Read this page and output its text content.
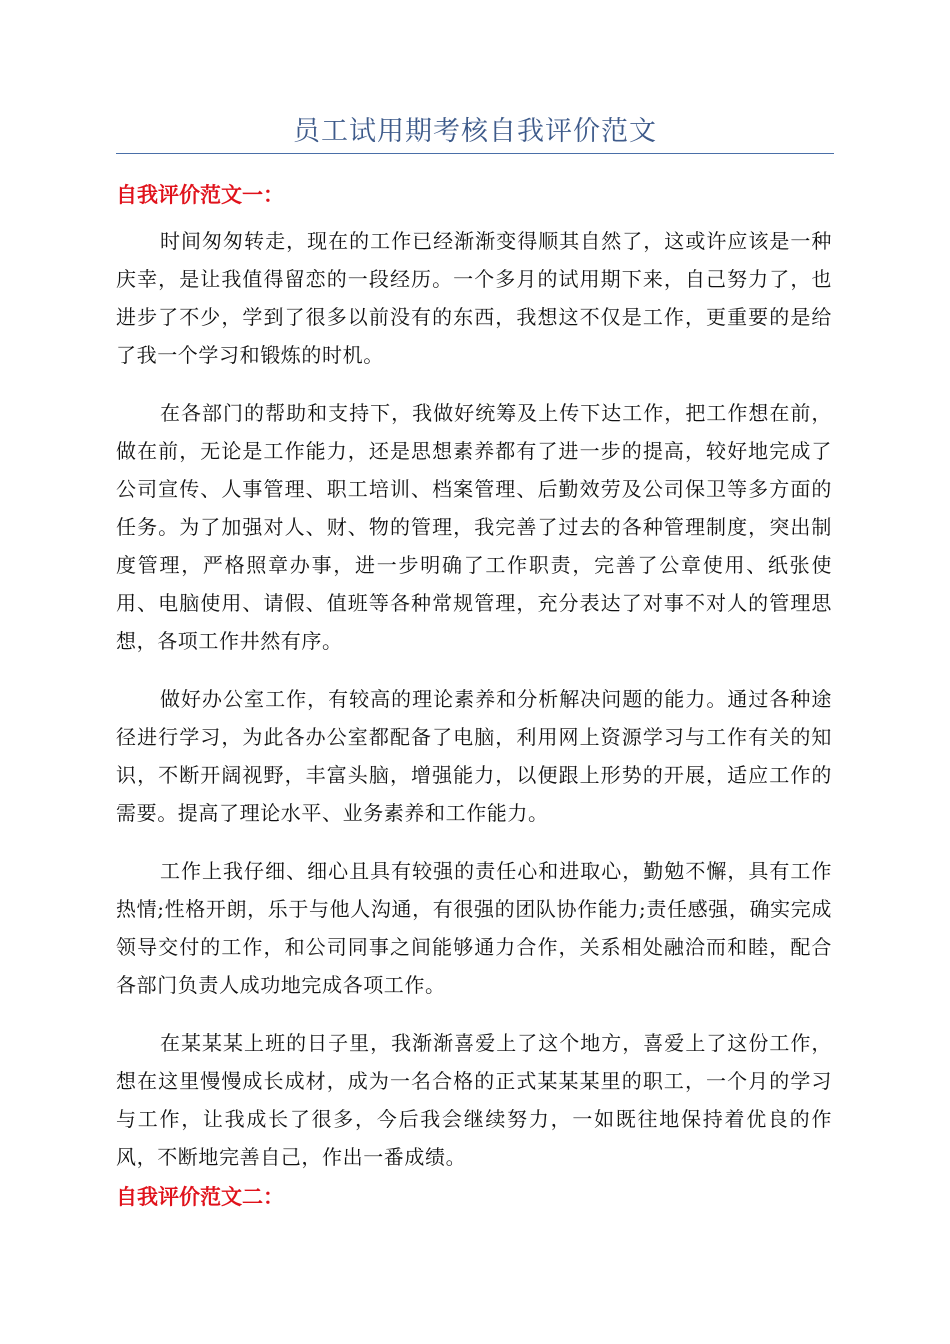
员工试用期考核自我评价范文
自我评价范文一：

时间匆匆转走，现在的工作已经渐渐变得顺其自然了，这或许应该是一种庆幸，是让我值得留恋的一段经历。一个多月的试用期下来，自己努力了，也进步了不少，学到了很多以前没有的东西，我想这不仅是工作，更重要的是给了我一个学习和锻炼的时机。

在各部门的帮助和支持下，我做好统筹及上传下达工作，把工作想在前，做在前，无论是工作能力，还是思想素养都有了进一步的提高，较好地完成了公司宣传、人事管理、职工培训、档案管理、后勤效劳及公司保卫等多方面的任务。为了加强对人、财、物的管理，我完善了过去的各种管理制度，突出制度管理，严格照章办事，进一步明确了工作职责，完善了公章使用、纸张使用、电脑使用、请假、值班等各种常规管理，充分表达了对事不对人的管理思想，各项工作井然有序。

做好办公室工作，有较高的理论素养和分析解决问题的能力。通过各种途径进行学习，为此各办公室都配备了电脑，利用网上资源学习与工作有关的知识，不断开阔视野，丰富头脑，增强能力，以便跟上形势的开展，适应工作的需要。提高了理论水平、业务素养和工作能力。

工作上我仔细、细心且具有较强的责任心和进取心，勤勉不懈，具有工作热情;性格开朗，乐于与他人沟通，有很强的团队协作能力;责任感强，确实完成领导交付的工作，和公司同事之间能够通力合作，关系相处融洽而和睦，配合各部门负责人成功地完成各项工作。

在某某某上班的日子里，我渐渐喜爱上了这个地方，喜爱上了这份工作，想在这里慢慢成长成材，成为一名合格的正式某某某里的职工，一个月的学习与工作，让我成长了很多，今后我会继续努力，一如既往地保持着优良的作风，不断地完善自己，作出一番成绩。

自我评价范文二：
